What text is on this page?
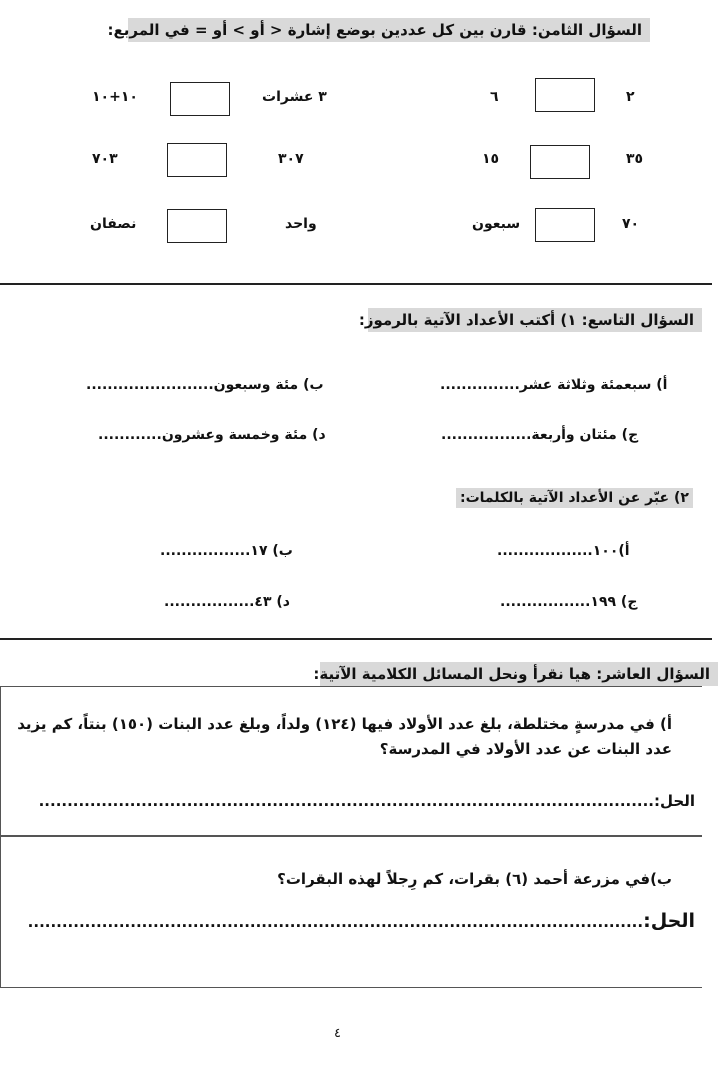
السؤال الثامن: قارن بين كل عددين بوضع إشارة < أو > أو = في المربع:
٢
٦
٣ عشرات
١٠+١٠
٣٥
١٥
٣٠٧
٧٠٣
٧٠
سبعون
واحد
نصفان
السؤال التاسع: ١) أكتب الأعداد الآتية بالرموز:
أ) سبعمئة وثلاثة عشر...............
ب) مئة وسبعون........................
ج) مئتان وأربعة.................
د) مئة وخمسة وعشرون............
٢) عبّر عن الأعداد الآتية بالكلمات:
أ)١٠٠..................
ب) ١٧.................
ج) ١٩٩.................
د) ٤٣.................
السؤال العاشر: هيا نقرأ ونحل المسائل الكلامية الآتية:
أ) في مدرسةٍ مختلطة، بلغ عدد الأولاد فيها (١٢٤) ولداً، وبلغ عدد البنات (١٥٠) بنتاً، كم يزيد
عدد البنات عن عدد الأولاد في المدرسة؟
الحل:............................................................................................................
ب)في مزرعة أحمد (٦) بقرات، كم رِجلاً لهذه البقرات؟
الحل:............................................................................................................
٤
